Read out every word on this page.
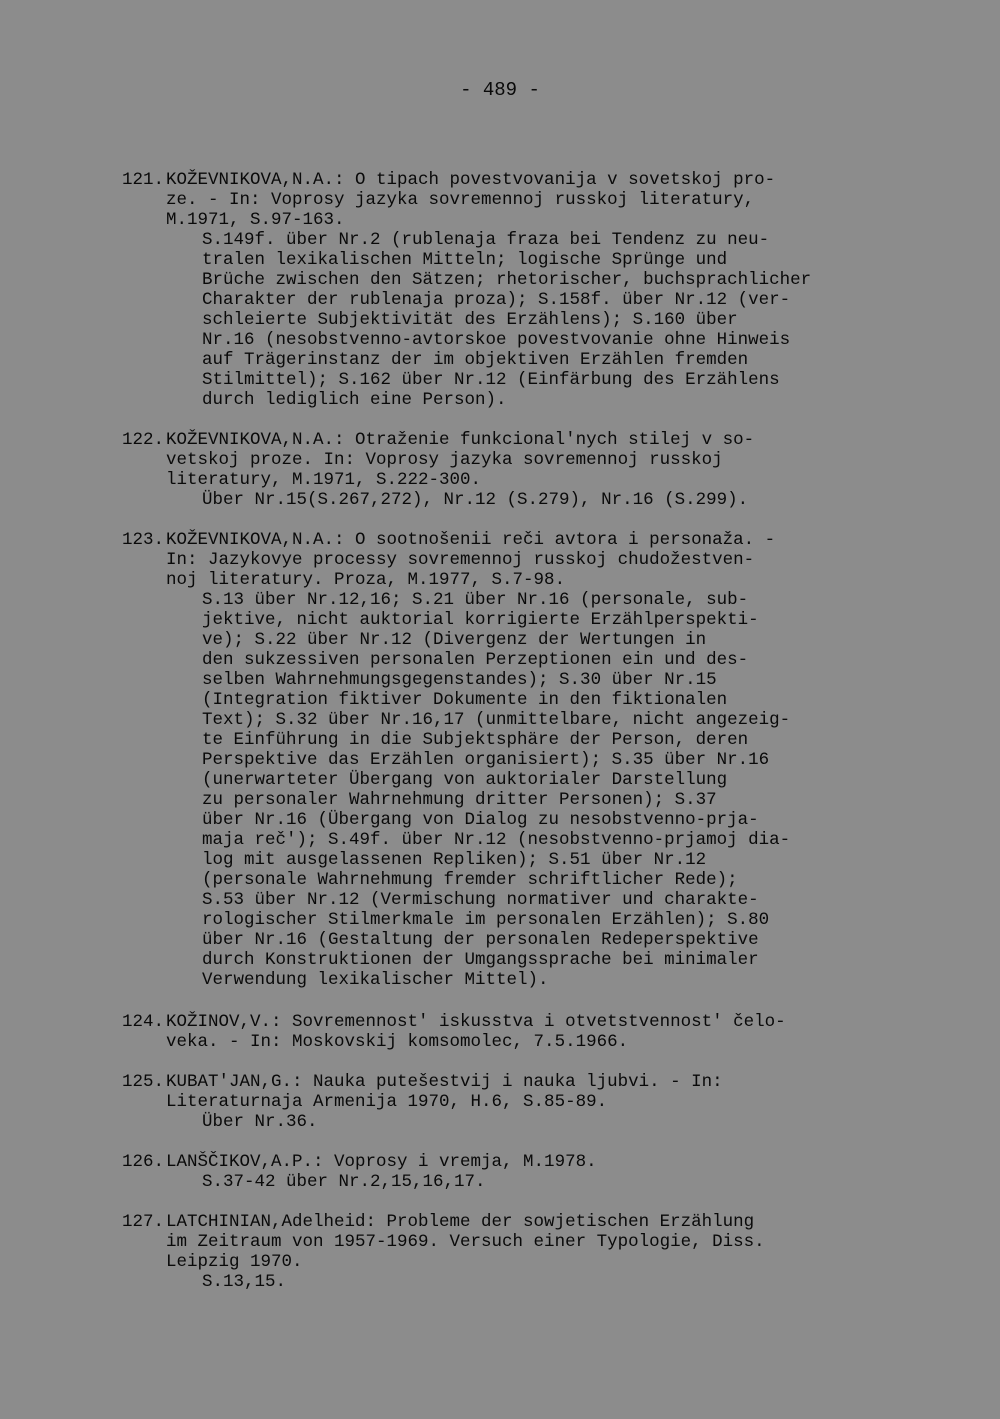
- 489 -
121. KOŽEVNIKOVA,N.A.: O tipach povestvovanija v sovetskoj pro-
ze. - In: Voprosy jazyka sovremennoj russkoj literatury,
M.1971, S.97-163.
S.149f. über Nr.2 (rublenaja fraza bei Tendenz zu neu-
tralen lexikalischen Mitteln; logische Sprünge und
Brüche zwischen den Sätzen; rhetorischer, buchsprachlicher
Charakter der rublenaja proza); S.158f. über Nr.12 (ver-
schleierte Subjektivität des Erzählens); S.160 über
Nr.16 (nesobstvenno-avtorskoe povestvovanie ohne Hinweis
auf Trägerinstanz der im objektiven Erzählen fremden
Stilmittel); S.162 über Nr.12 (Einfärbung des Erzählens
durch lediglich eine Person).
122. KOŽEVNIKOVA,N.A.: Otraženie funkcional'nych stilej v so-
vetskoj proze. In: Voprosy jazyka sovremennoj russkoj
literatury, M.1971, S.222-300.
Über Nr.15(S.267,272), Nr.12 (S.279), Nr.16 (S.299).
123. KOŽEVNIKOVA,N.A.: O sootnošenii reči avtora i personaža. -
In: Jazykovye processy sovremennoj russkoj chudožestven-
noj literatury. Proza, M.1977, S.7-98.
S.13 über Nr.12,16; S.21 über Nr.16 (personale, sub-
jektive, nicht auktorial korrigierte Erzählperspekti-
ve); S.22 über Nr.12 (Divergenz der Wertungen in
den sukzessiven personalen Perzeptionen ein und des-
selben Wahrnehmungsgegenstandes); S.30 über Nr.15
(Integration fiktiver Dokumente in den fiktionalen
Text); S.32 über Nr.16,17 (unmittelbare, nicht angezeig-
te Einführung in die Subjektsphäre der Person, deren
Perspektive das Erzählen organisiert); S.35 über Nr.16
(unerwarteter Übergang von auktorialer Darstellung
zu personaler Wahrnehmung dritter Personen); S.37
über Nr.16 (Übergang von Dialog zu nesobstvenno-prja-
maja reč'); S.49f. über Nr.12 (nesobstvenno-prjamoj dia-
log mit ausgelassenen Repliken); S.51 über Nr.12
(personale Wahrnehmung fremder schriftlicher Rede);
S.53 über Nr.12 (Vermischung normativer und charakte-
rologischer Stilmerkmale im personalen Erzählen); S.80
über Nr.16 (Gestaltung der personalen Redeperspektive
durch Konstruktionen der Umgangssprache bei minimaler
Verwendung lexikalischer Mittel).
124. KOŽINOV,V.: Sovremennost' iskusstva i otvetstvennost' čelo-
veka. - In: Moskovskij komsomolec, 7.5.1966.
125. KUBAT'JAN,G.: Nauka putešestvij i nauka ljubvi. - In:
Literaturnaja Armenija 1970, H.6, S.85-89.
Über Nr.36.
126. LANŠČIKOV,A.P.: Voprosy i vremja, M.1978.
S.37-42 über Nr.2,15,16,17.
127. LATCHINIAN,Adelheid: Probleme der sowjetischen Erzählung
im Zeitraum von 1957-1969. Versuch einer Typologie, Diss.
Leipzig 1970.
S.13,15.
